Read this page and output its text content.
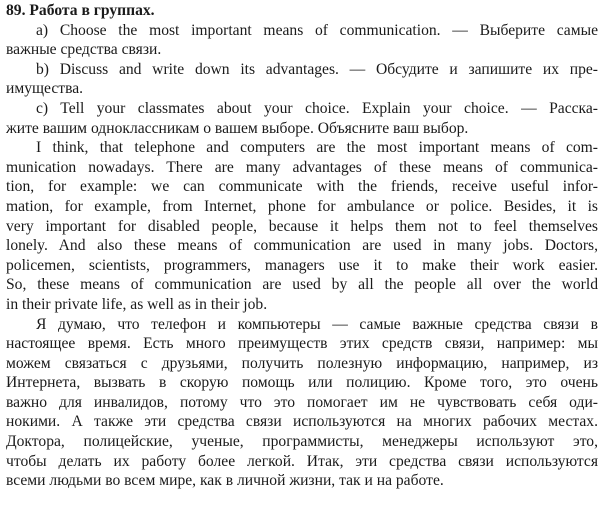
89. Работа в группах.
a) Choose the most important means of communication. — Выберите самые
важные средства связи.
b) Discuss and write down its advantages. — Обсудите и запишите их пре-
имущества.
c) Tell your classmates about your choice. Explain your choice. — Расска-
жите вашим одноклассникам о вашем выборе. Объясните ваш выбор.
I think, that telephone and computers are the most important means of com-
munication nowadays. There are many advantages of these means of communica-
tion, for example: we can communicate with the friends, receive useful infor-
mation, for example, from Internet, phone for ambulance or police. Besides, it is
very important for disabled people, because it helps them not to feel themselves
lonely. And also these means of communication are used in many jobs. Doctors,
policemen, scientists, programmers, managers use it to make their work easier.
So, these means of communication are used by all the people all over the world
in their private life, as well as in their job.
Я думаю, что телефон и компьютеры — самые важные средства связи в
настоящее время. Есть много преимуществ этих средств связи, например: мы
можем связаться с друзьями, получить полезную информацию, например, из
Интернета, вызвать в скорую помощь или полицию. Кроме того, это очень
важно для инвалидов, потому что это помогает им не чувствовать себя оди-
нокими. А также эти средства связи используются на многих рабочих местах.
Доктора, полицейские, ученые, программисты, менеджеры используют это,
чтобы делать их работу более легкой. Итак, эти средства связи используются
всеми людьми во всем мире, как в личной жизни, так и на работе.
